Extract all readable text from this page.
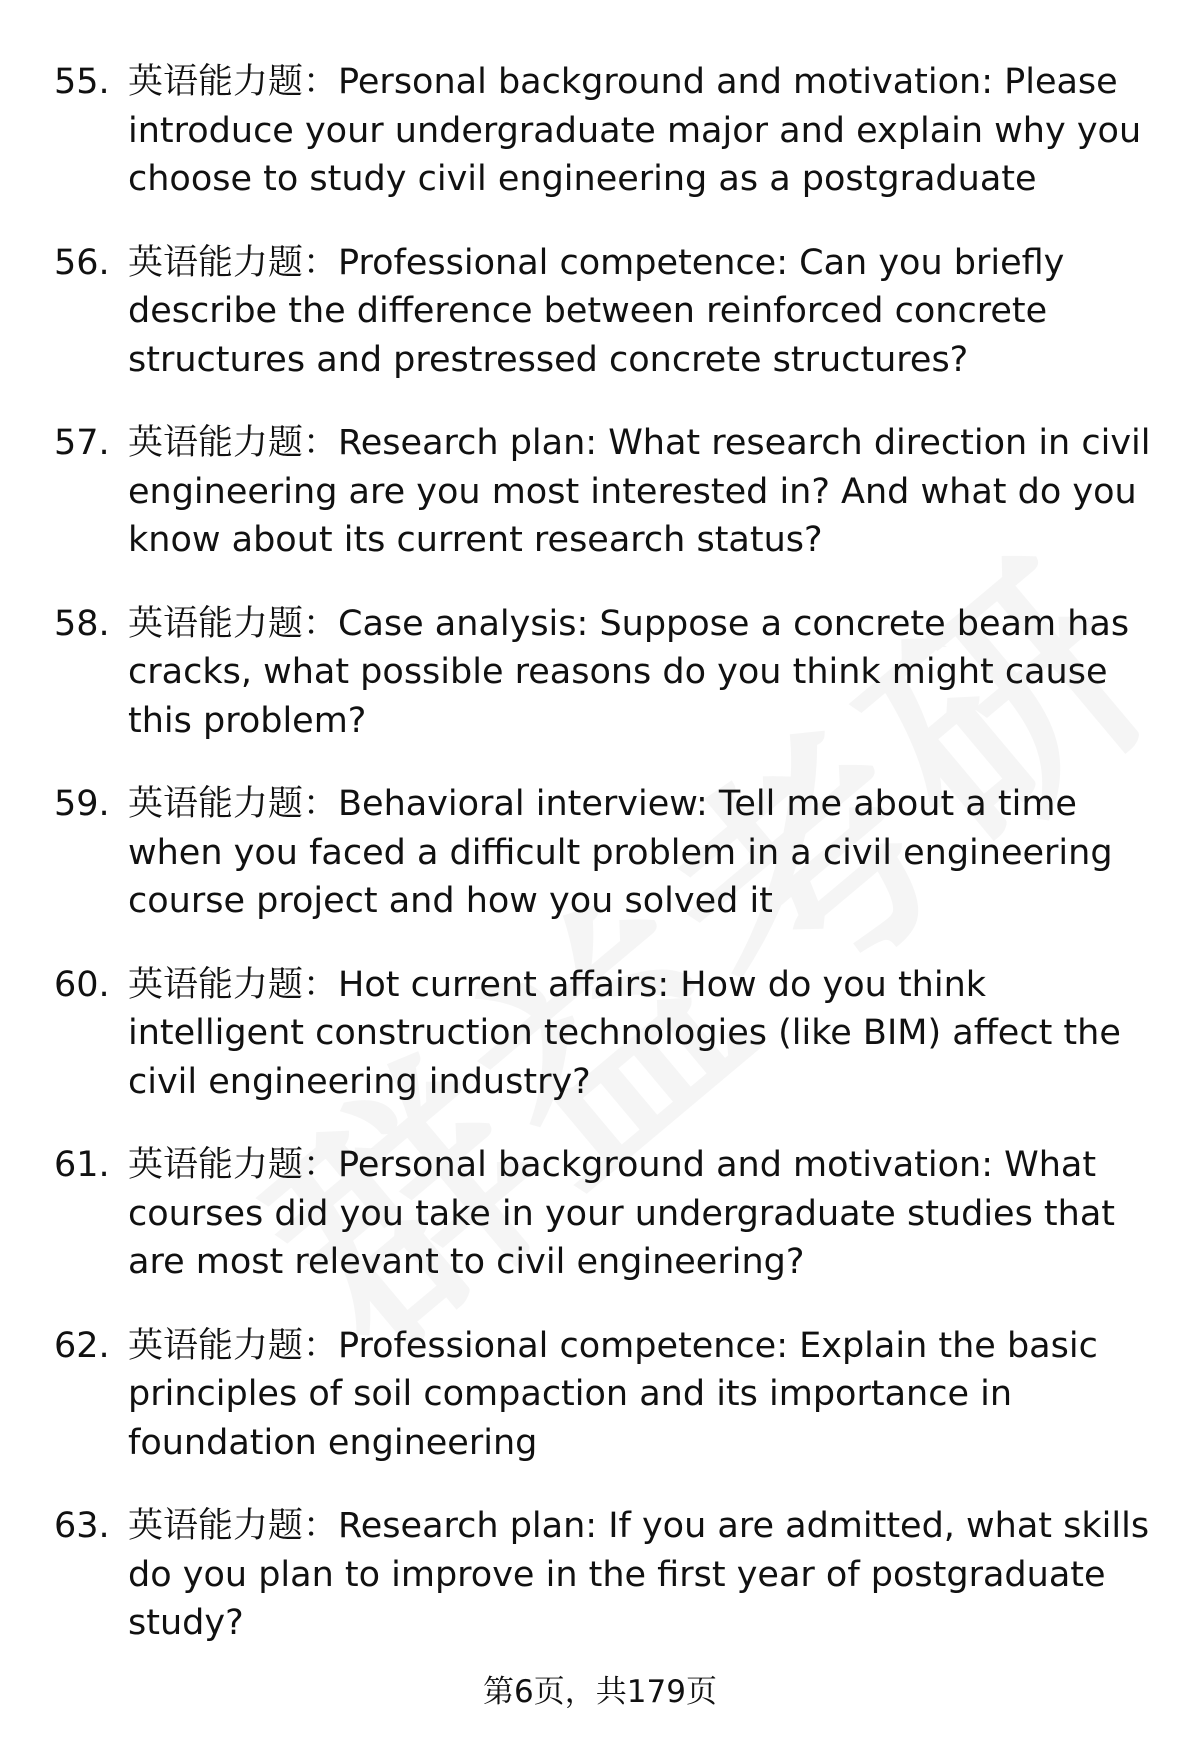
55. 英语能力题：Personal background and motivation: Please introduce your undergraduate major and explain why you choose to study civil engineering as a postgraduate
56. 英语能力题：Professional competence: Can you briefly describe the difference between reinforced concrete structures and prestressed concrete structures?
57. 英语能力题：Research plan: What research direction in civil engineering are you most interested in? And what do you know about its current research status?
58. 英语能力题：Case analysis: Suppose a concrete beam has cracks, what possible reasons do you think might cause this problem?
59. 英语能力题：Behavioral interview: Tell me about a time when you faced a difficult problem in a civil engineering course project and how you solved it
60. 英语能力题：Hot current affairs: How do you think intelligent construction technologies (like BIM) affect the civil engineering industry?
61. 英语能力题：Personal background and motivation: What courses did you take in your undergraduate studies that are most relevant to civil engineering?
62. 英语能力题：Professional competence: Explain the basic principles of soil compaction and its importance in foundation engineering
63. 英语能力题：Research plan: If you are admitted, what skills do you plan to improve in the first year of postgraduate study?
第6页，共179页
